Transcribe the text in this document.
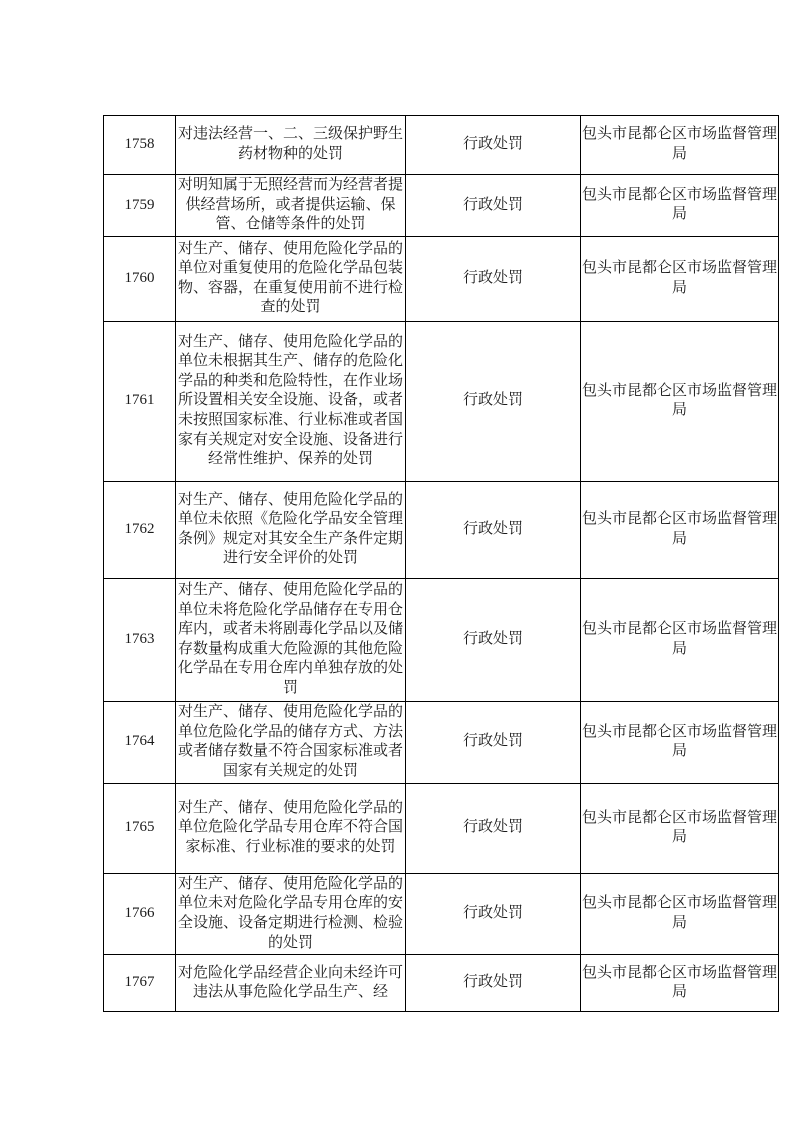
1758	对违法经营一、二、三级保护野生药材物种的处罚	行政处罚	包头市昆都仑区市场监督管理局
1759	对明知属于无照经营而为经营者提供经营场所，或者提供运输、保管、仓储等条件的处罚	行政处罚	包头市昆都仑区市场监督管理局
1760	对生产、储存、使用危险化学品的单位对重复使用的危险化学品包装物、容器，在重复使用前不进行检查的处罚	行政处罚	包头市昆都仑区市场监督管理局
1761	对生产、储存、使用危险化学品的单位未根据其生产、储存的危险化学品的种类和危险特性，在作业场所设置相关安全设施、设备，或者未按照国家标准、行业标准或者国家有关规定对安全设施、设备进行经常性维护、保养的处罚	行政处罚	包头市昆都仑区市场监督管理局
1762	对生产、储存、使用危险化学品的单位未依照《危险化学品安全管理条例》规定对其安全生产条件定期进行安全评价的处罚	行政处罚	包头市昆都仑区市场监督管理局
1763	对生产、储存、使用危险化学品的单位未将危险化学品储存在专用仓库内，或者未将剧毒化学品以及储存数量构成重大危险源的其他危险化学品在专用仓库内单独存放的处罚	行政处罚	包头市昆都仑区市场监督管理局
1764	对生产、储存、使用危险化学品的单位危险化学品的储存方式、方法或者储存数量不符合国家标准或者国家有关规定的处罚	行政处罚	包头市昆都仑区市场监督管理局
1765	对生产、储存、使用危险化学品的单位危险化学品专用仓库不符合国家标准、行业标准的要求的处罚	行政处罚	包头市昆都仑区市场监督管理局
1766	对生产、储存、使用危险化学品的单位未对危险化学品专用仓库的安全设施、设备定期进行检测、检验的处罚	行政处罚	包头市昆都仑区市场监督管理局
1767	对危险化学品经营企业向未经许可违法从事危险化学品生产、经	行政处罚	包头市昆都仑区市场监督管理局
